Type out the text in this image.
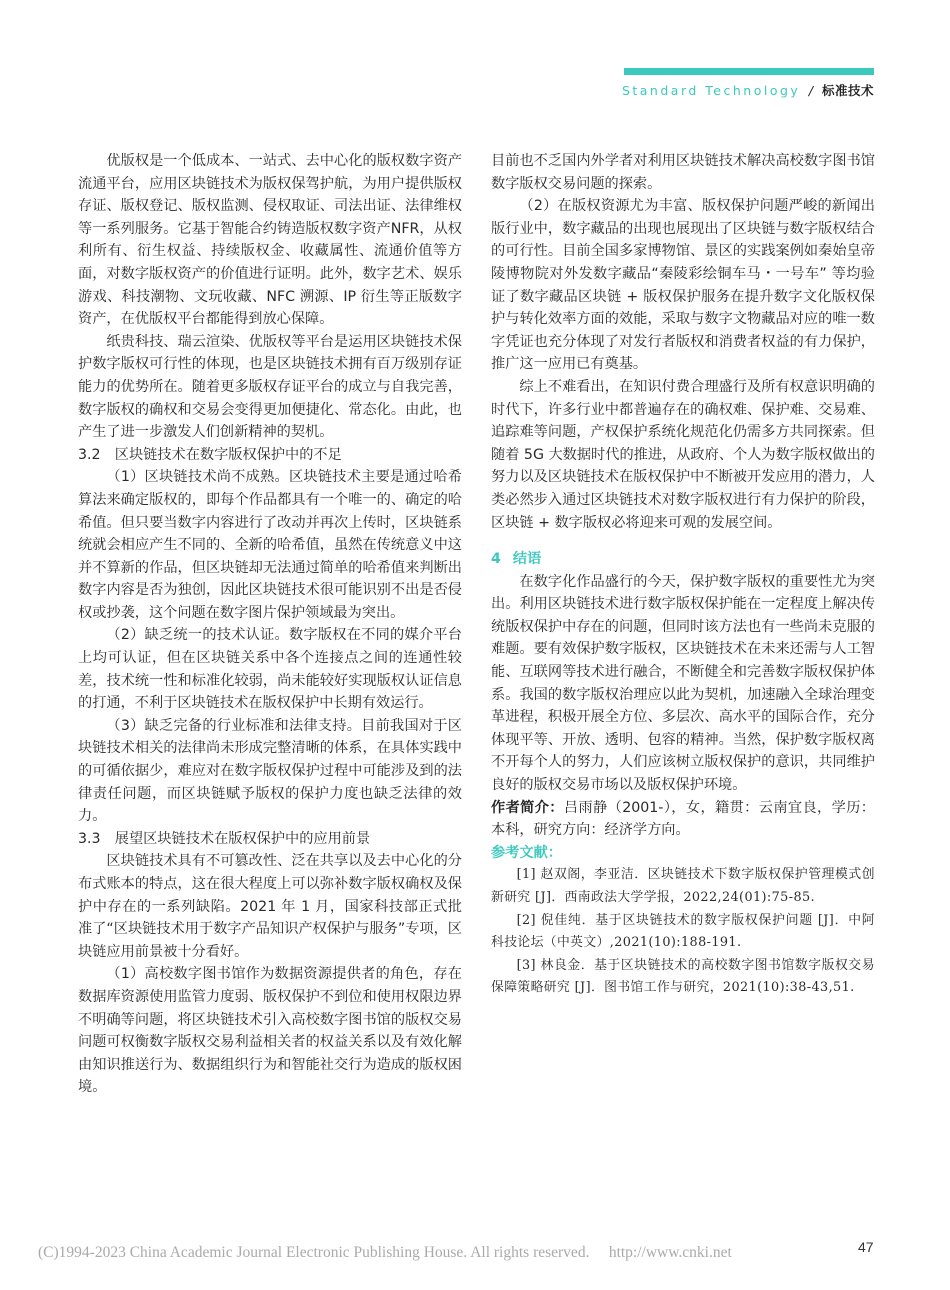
Standard Technology / 标准技术

优版权是一个低成本、一站式、去中心化的版权数字资产流通平台，应用区块链技术为版权保驾护航，为用户提供版权存证、版权登记、版权监测、侵权取证、司法出证、法律维权等一系列服务。它基于智能合约铸造版权数字资产NFR，从权利所有、衍生权益、持续版权金、收藏属性、流通价值等方面，对数字版权资产的价值进行证明。此外，数字艺术、娱乐游戏、科技潮物、文玩收藏、NFC 溯源、IP 衍生等正版数字资产，在优版权平台都能得到放心保障。

纸贵科技、瑞云渲染、优版权等平台是运用区块链技术保护数字版权可行性的体现，也是区块链技术拥有百万级别存证能力的优势所在。随着更多版权存证平台的成立与自我完善，数字版权的确权和交易会变得更加便捷化、常态化。由此，也产生了进一步激发人们创新精神的契机。

3.2　区块链技术在数字版权保护中的不足

（1）区块链技术尚不成熟。区块链技术主要是通过哈希算法来确定版权的，即每个作品都具有一个唯一的、确定的哈希值。但只要当数字内容进行了改动并再次上传时，区块链系统就会相应产生不同的、全新的哈希值，虽然在传统意义中这并不算新的作品，但区块链却无法通过简单的哈希值来判断出数字内容是否为独创，因此区块链技术很可能识别不出是否侵权或抄袭，这个问题在数字图片保护领域最为突出。

（2）缺乏统一的技术认证。数字版权在不同的媒介平台上均可认证，但在区块链关系中各个连接点之间的连通性较差，技术统一性和标准化较弱，尚未能较好实现版权认证信息的打通，不利于区块链技术在版权保护中长期有效运行。

（3）缺乏完备的行业标准和法律支持。目前我国对于区块链技术相关的法律尚未形成完整清晰的体系，在具体实践中的可循依据少，难应对在数字版权保护过程中可能涉及到的法律责任问题，而区块链赋予版权的保护力度也缺乏法律的效力。

3.3　展望区块链技术在版权保护中的应用前景

区块链技术具有不可篡改性、泛在共享以及去中心化的分布式账本的特点，这在很大程度上可以弥补数字版权确权及保护中存在的一系列缺陷。2021 年 1 月，国家科技部正式批准了“区块链技术用于数字产品知识产权保护与服务”专项，区块链应用前景被十分看好。

（1）高校数字图书馆作为数据资源提供者的角色，存在数据库资源使用监管力度弱、版权保护不到位和使用权限边界不明确等问题，将区块链技术引入高校数字图书馆的版权交易问题可权衡数字版权交易利益相关者的权益关系以及有效化解由知识推送行为、数据组织行为和智能社交行为造成的版权困境。

目前也不乏国内外学者对利用区块链技术解决高校数字图书馆数字版权交易问题的探索。

（2）在版权资源尤为丰富、版权保护问题严峻的新闻出版行业中，数字藏品的出现也展现出了区块链与数字版权结合的可行性。目前全国多家博物馆、景区的实践案例如秦始皇帝陵博物院对外发数字藏品“秦陵彩绘铜车马・一号车” 等均验证了数字藏品区块链 + 版权保护服务在提升数字文化版权保护与转化效率方面的效能，采取与数字文物藏品对应的唯一数字凭证也充分体现了对发行者版权和消费者权益的有力保护，推广这一应用已有奠基。

综上不难看出，在知识付费合理盛行及所有权意识明确的时代下，许多行业中都普遍存在的确权难、保护难、交易难、追踪难等问题，产权保护系统化规范化仍需多方共同探索。但随着 5G 大数据时代的推进，从政府、个人为数字版权做出的努力以及区块链技术在版权保护中不断被开发应用的潜力，人类必然步入通过区块链技术对数字版权进行有力保护的阶段，区块链 + 数字版权必将迎来可观的发展空间。

4 结语

在数字化作品盛行的今天，保护数字版权的重要性尤为突出。利用区块链技术进行数字版权保护能在一定程度上解决传统版权保护中存在的问题，但同时该方法也有一些尚未克服的难题。要有效保护数字版权，区块链技术在未来还需与人工智能、互联网等技术进行融合，不断健全和完善数字版权保护体系。我国的数字版权治理应以此为契机，加速融入全球治理变革进程，积极开展全方位、多层次、高水平的国际合作，充分体现平等、开放、透明、包容的精神。当然，保护数字版权离不开每个人的努力，人们应该树立版权保护的意识，共同维护良好的版权交易市场以及版权保护环境。

作者简介：吕雨静（2001-），女，籍贯：云南宜良，学历：本科，研究方向：经济学方向。

参考文献：

[1] 赵双阁，李亚洁．区块链技术下数字版权保护管理模式创新研究 [J]．西南政法大学学报，2022,24(01):75-85.

[2] 倪佳纯．基于区块链技术的数字版权保护问题 [J]．中阿科技论坛（中英文）,2021(10):188-191.

[3] 林良金．基于区块链技术的高校数字图书馆数字版权交易保障策略研究 [J]．图书馆工作与研究，2021(10):38-43,51.

(C)1994-2023 China Academic Journal Electronic Publishing House. All rights reserved.　 http://www.cnki.net	47
